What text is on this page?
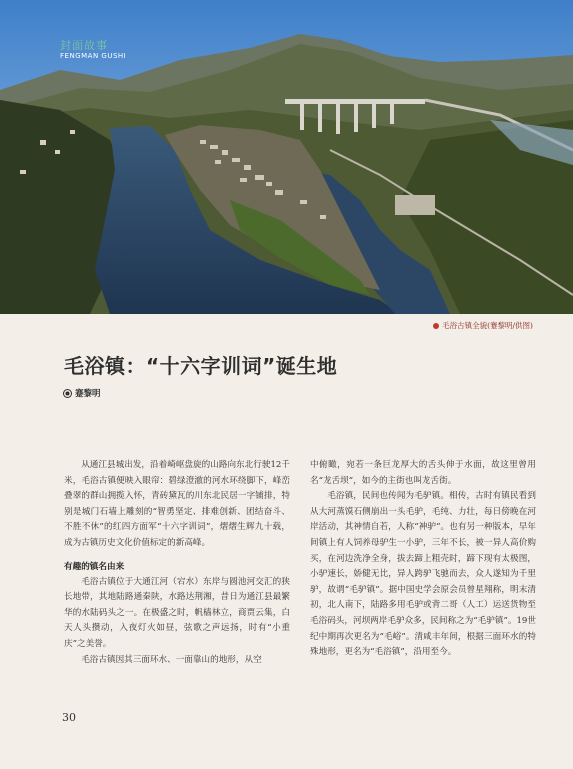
封面故事
FENGMAN GUSHI
毛浴古镇全貌(蹇黎明/供图)
毛浴镇：“十六字训词”诞生地
蹇黎明

从通江县城出发，沿着崎岖盘旋的山路向东北行驶12千米，毛浴古镇便映入眼帘：碧绿澄澈的河水环绕脚下，峰峦叠翠的群山拥揽入怀，青砖黛瓦的川东北民居一字铺排，特别是城门石墙上雕刻的“智勇坚定、排难创新、团结奋斗、不胜不休”的红四方面军“十六字训词”，熠熠生辉九十载，成为古镇历史文化价值标定的新高峰。

有趣的镇名由来

毛浴古镇位于大通江河（宕水）东岸与圆池河交汇的狭长地带，其地陆路通秦陕，水路达荆湘，昔日为通江县最繁华的水陆码头之一。在极盛之时，帆樯林立，商贾云集，白天人头攒动，入夜灯火如昼，弦歌之声远扬，时有“小重庆”之美誉。

毛浴古镇因其三面环水、一面靠山的地形，从空

中俯瞰，宛若一条巨龙厚大的舌头伸于水面，故这里曾用名“龙舌坝”，如今的主街也叫龙舌街。

毛浴镇，民间也传闻为毛驴镇。相传，古时有镇民看到从大河蒸馍石侧崩出一头毛驴，毛纯、力壮，每日傍晚在河岸活动，其神情自若，人称“神驴”。也有另一种版本，早年间镇上有人饲养母驴生一小驴，三年不长，被一异人高价购买，在河边洗净全身，拔去蹄上粗壳时，蹄下现有太极图，小驴速长，娇健无比，异人跨驴飞驰而去，众人遂知为千里驴，故谓“毛驴镇”。据中国史学会原会员曾星翔称，明末清初，北人南下，陆路多用毛驴或背二哥（人工）运送货物至毛浴码头，河坝两岸毛驴众多，民间称之为“毛驴镇”。19世纪中期再次更名为“毛峪”。清咸丰年间，根据三面环水的特殊地形，更名为“毛浴镇”，沿用至今。

30
